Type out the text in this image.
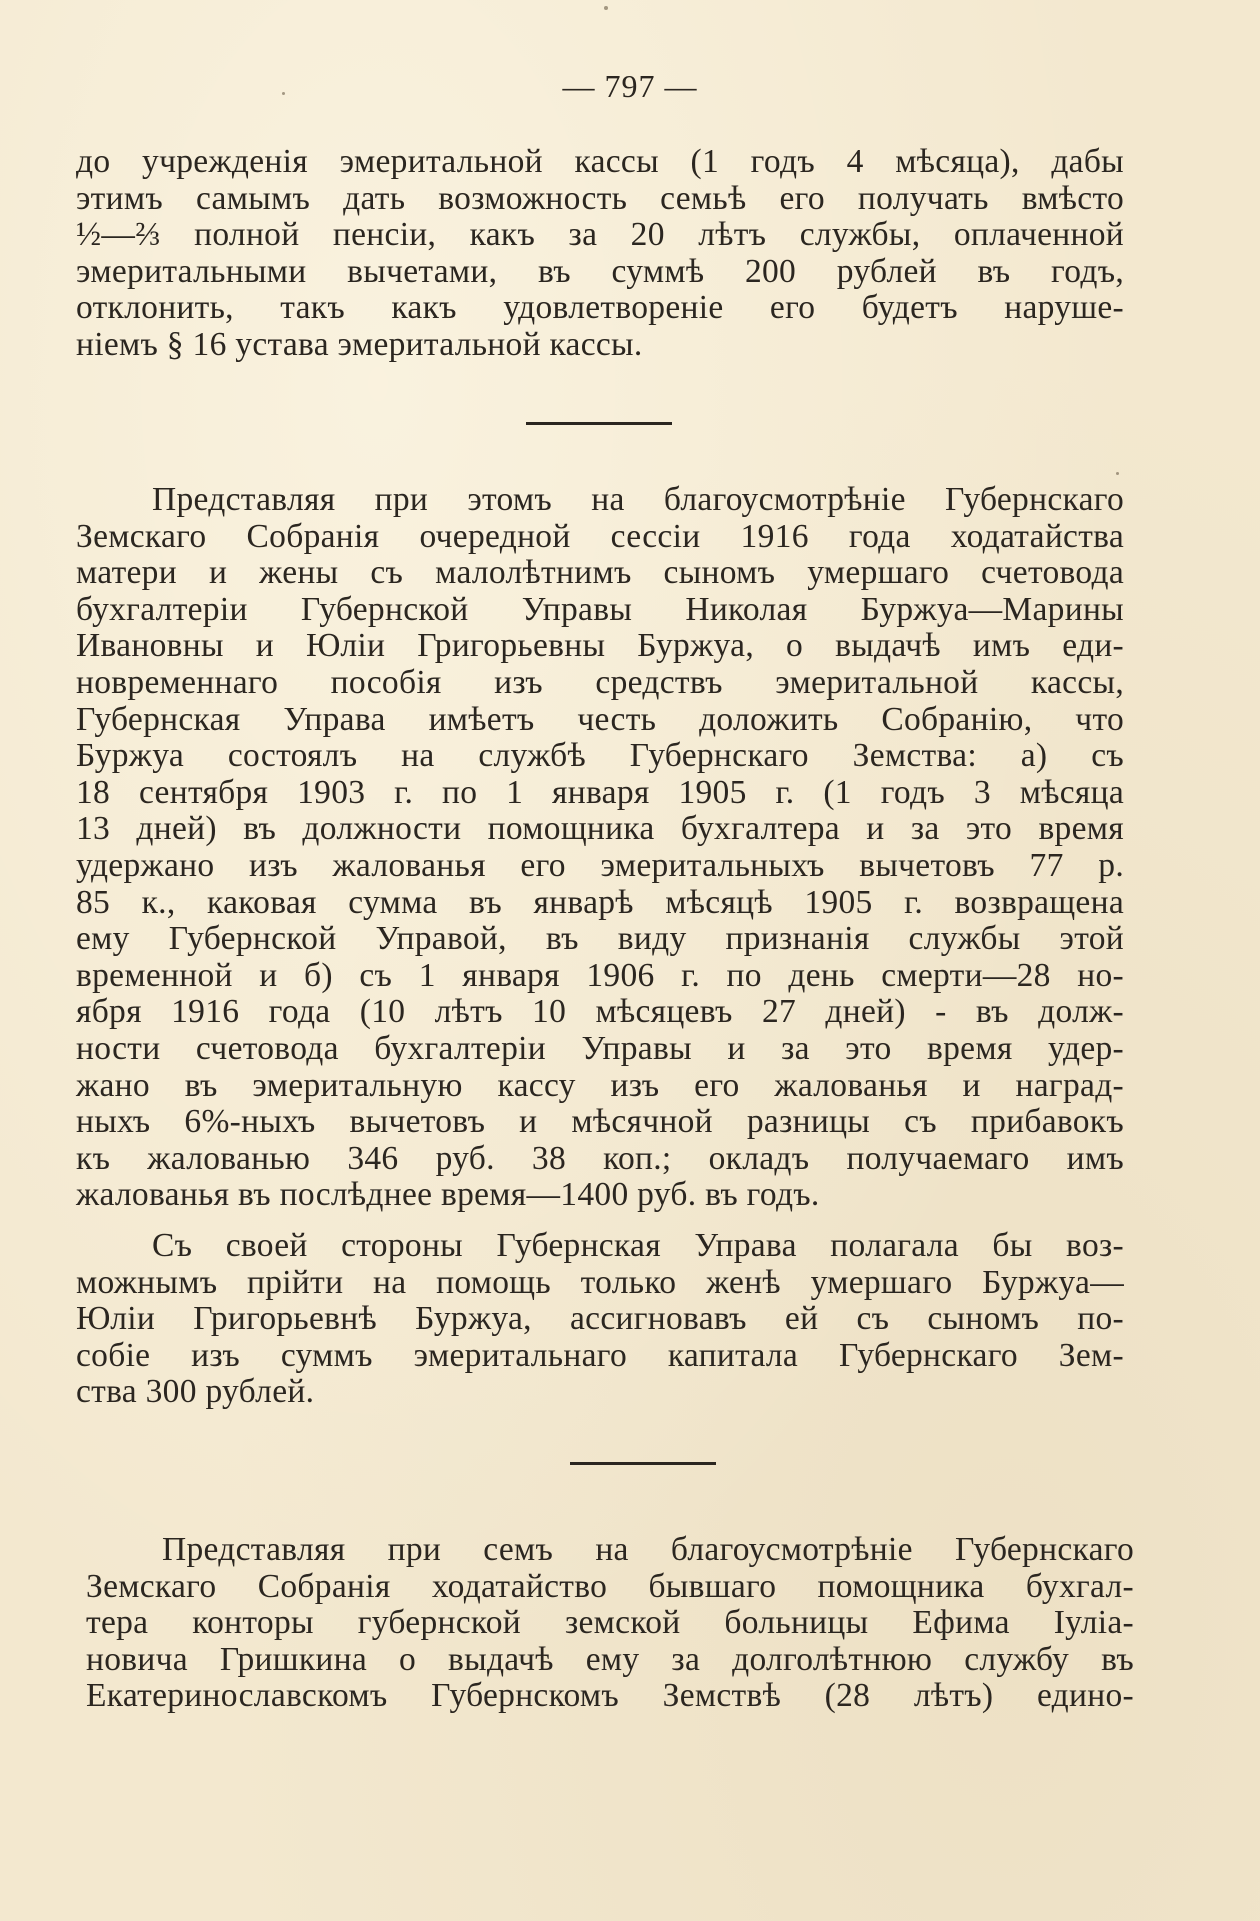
— 797 —
до учрежденія эмеритальной кассы (1 годъ 4 мѣсяца), дабы
этимъ самымъ дать возможность семьѣ его получать вмѣсто
½—⅔ полной пенсіи, какъ за 20 лѣтъ службы, оплаченной
эмеритальными вычетами, въ суммѣ 200 рублей въ годъ,
отклонить, такъ какъ удовлетвореніе его будетъ наруше-
ніемъ § 16 устава эмеритальной кассы.
Представляя при этомъ на благоусмотрѣніе Губернскаго
Земскаго Собранія очередной сессіи 1916 года ходатайства
матери и жены съ малолѣтнимъ сыномъ умершаго счетовода
бухгалтеріи Губернской Управы Николая Буржуа—Марины
Ивановны и Юліи Григорьевны Буржуа, о выдачѣ имъ еди-
новременнаго пособія изъ средствъ эмеритальной кассы,
Губернская Управа имѣетъ честь доложить Собранію, что
Буржуа состоялъ на службѣ Губернскаго Земства: а) съ
18 сентября 1903 г. по 1 января 1905 г. (1 годъ 3 мѣсяца
13 дней) въ должности помощника бухгалтера и за это время
удержано изъ жалованья его эмеритальныхъ вычетовъ 77 р.
85 к., каковая сумма въ январѣ мѣсяцѣ 1905 г. возвращена
ему Губернской Управой, въ виду признанія службы этой
временной и б) съ 1 января 1906 г. по день смерти—28 но-
ября 1916 года (10 лѣтъ 10 мѣсяцевъ 27 дней) - въ долж-
ности счетовода бухгалтеріи Управы и за это время удер-
жано въ эмеритальную кассу изъ его жалованья и наград-
ныхъ 6%-ныхъ вычетовъ и мѣсячной разницы съ прибавокъ
къ жалованью 346 руб. 38 коп.; окладъ получаемаго имъ
жалованья въ послѣднее время—1400 руб. въ годъ.
Съ своей стороны Губернская Управа полагала бы воз-
можнымъ прійти на помощь только женѣ умершаго Буржуа—
Юліи Григорьевнѣ Буржуа, ассигновавъ ей съ сыномъ по-
собіе изъ суммъ эмеритальнаго капитала Губернскаго Зем-
ства 300 рублей.
Представляя при семъ на благоусмотрѣніе Губернскаго
Земскаго Собранія ходатайство бывшаго помощника бухгал-
тера конторы губернской земской больницы Ефима Іуліа-
новича Гришкина о выдачѣ ему за долголѣтнюю службу въ
Екатеринославскомъ Губернскомъ Земствѣ (28 лѣтъ) едино-
